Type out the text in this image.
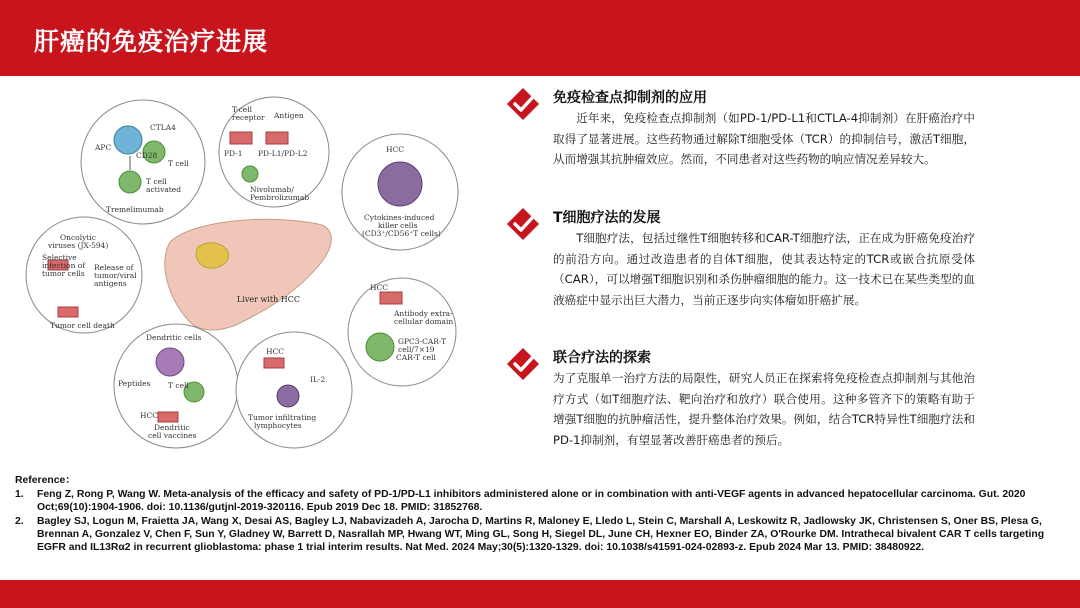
肝癌的免疫治疗进展
Liver with HCC
APC
CD28
CTLA4
T cell
T cell
activated
Tremelimumab
T-cell
receptor Antigen
PD-1 PD-L1/PD-L2
Nivolumab/
Pembrolizumab
HCC
Cytokines-induced
killer cells
(CD3⁺/CD56⁺T cells)
Oncolytic
viruses (JX-594)
Selective
infection of
tumor cells
Release of
tumor/viral
antigens
Tumor cell death
HCC
Antibody extra-
cellular domain
GPC3-CAR-T
cell/7×19
CAR-T cell
Dendritic cells
Peptides T cell
HCC
Dendritic
cell vaccines
HCC
IL-2
Tumor infiltrating
lymphocytes
免疫检查点抑制剂的应用
近年来，免疫检查点抑制剂（如PD-1/PD-L1和CTLA-4抑制剂）在肝癌治疗中取得了显著进展。这些药物通过解除T细胞受体（TCR）的抑制信号，激活T细胞，从而增强其抗肿瘤效应。然而，不同患者对这些药物的响应情况差异较大。
T细胞疗法的发展
T细胞疗法，包括过继性T细胞转移和CAR-T细胞疗法，正在成为肝癌免疫治疗的前沿方向。通过改造患者的自体T细胞，使其表达特定的TCR或嵌合抗原受体（CAR），可以增强T细胞识别和杀伤肿瘤细胞的能力。这一技术已在某些类型的血液癌症中显示出巨大潜力，当前正逐步向实体瘤如肝癌扩展。
联合疗法的探索
为了克服单一治疗方法的局限性，研究人员正在探索将免疫检查点抑制剂与其他治疗方式（如T细胞疗法、靶向治疗和放疗）联合使用。这种多管齐下的策略有助于增强T细胞的抗肿瘤活性，提升整体治疗效果。例如，结合TCR特异性T细胞疗法和PD-1抑制剂，有望显著改善肝癌患者的预后。
Reference：
1.	Feng Z, Rong P, Wang W. Meta-analysis of the efficacy and safety of PD-1/PD-L1 inhibitors administered alone or in combination with anti-VEGF agents in advanced hepatocellular carcinoma. Gut. 2020 Oct;69(10):1904-1906. doi: 10.1136/gutjnl-2019-320116. Epub 2019 Dec 18. PMID: 31852768.
2.	Bagley SJ, Logun M, Fraietta JA, Wang X, Desai AS, Bagley LJ, Nabavizadeh A, Jarocha D, Martins R, Maloney E, Lledo L, Stein C, Marshall A, Leskowitz R, Jadlowsky JK, Christensen S, Oner BS, Plesa G, Brennan A, Gonzalez V, Chen F, Sun Y, Gladney W, Barrett D, Nasrallah MP, Hwang WT, Ming GL, Song H, Siegel DL, June CH, Hexner EO, Binder ZA, O'Rourke DM. Intrathecal bivalent CAR T cells targeting EGFR and IL13Rα2 in recurrent glioblastoma: phase 1 trial interim results. Nat Med. 2024 May;30(5):1320-1329. doi: 10.1038/s41591-024-02893-z. Epub 2024 Mar 13. PMID: 38480922.
